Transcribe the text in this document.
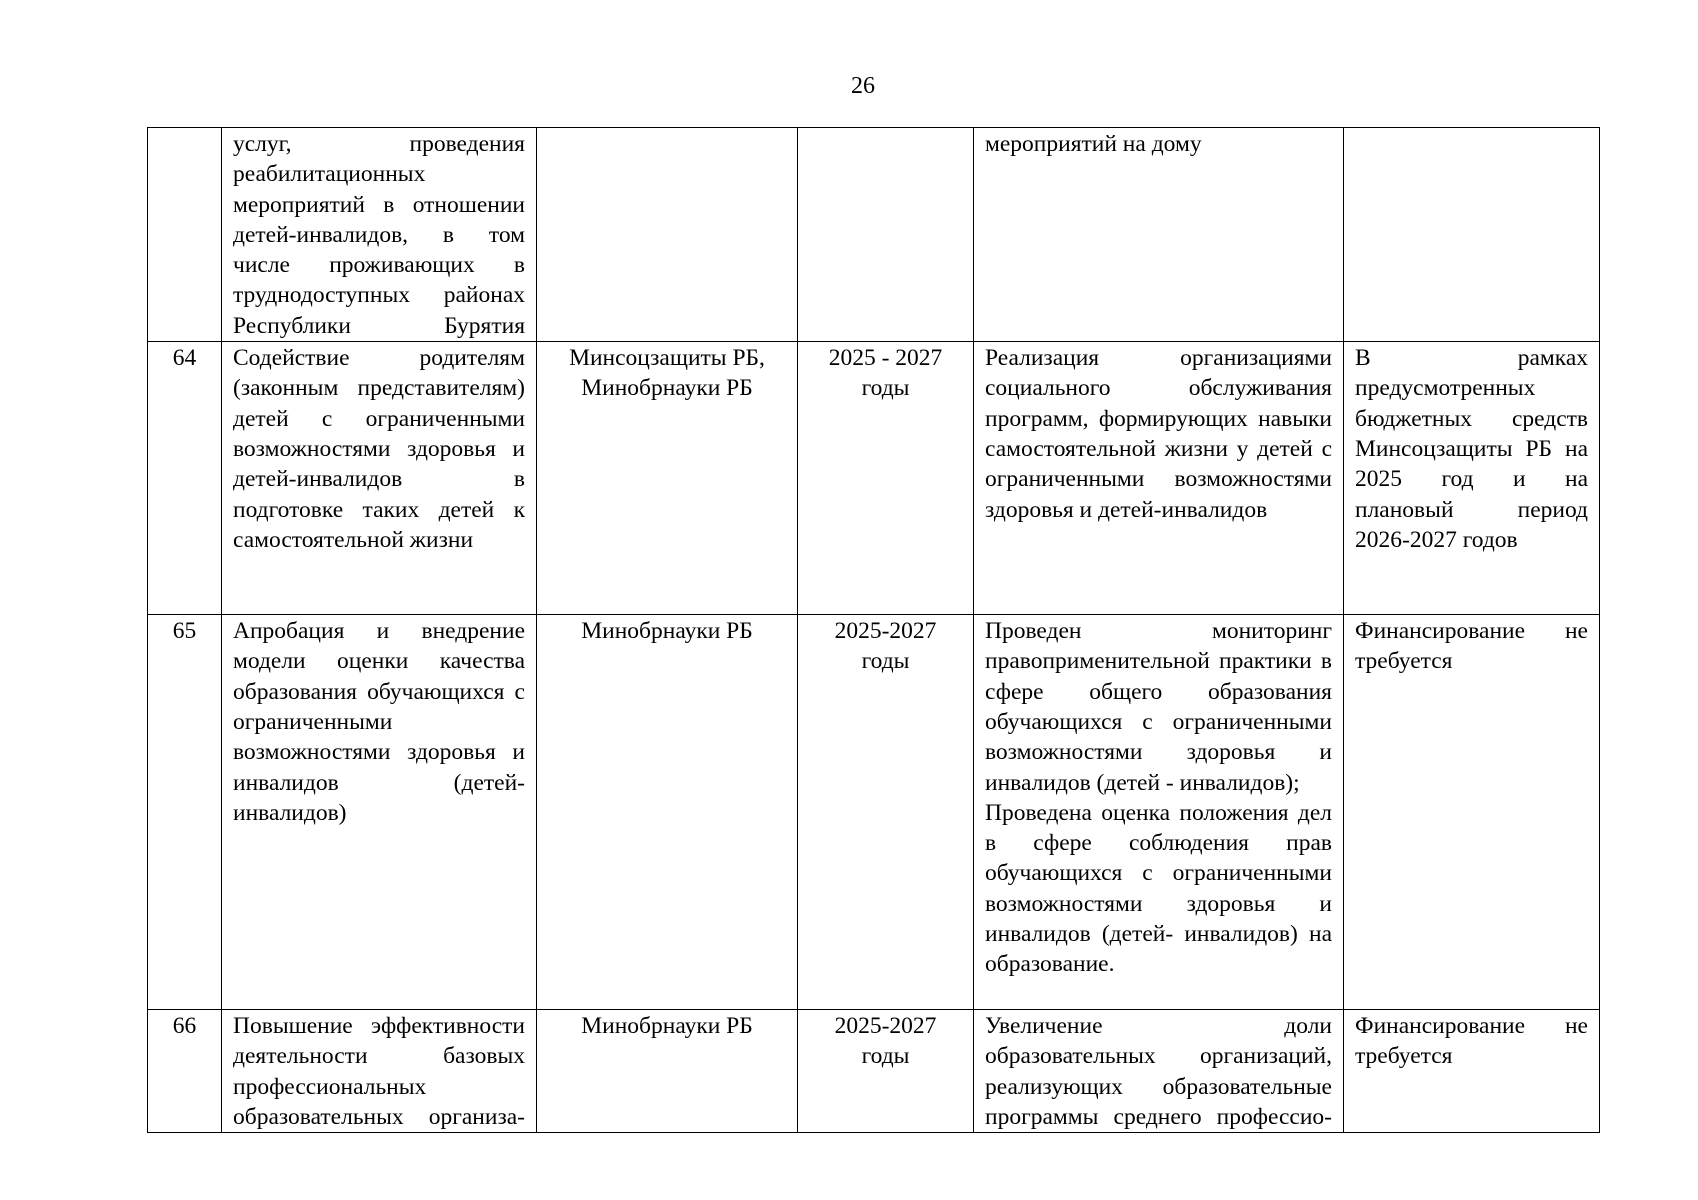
26

	услуг, проведения реабилитационных мероприятий в отношении детей-инвалидов, в том числе проживающих в труднодоступных районах Республики Бурятия			мероприятий на дому	
64	Содействие родителям (законным представителям) детей с ограниченными возможностями здоровья и детей-инвалидов в подготовке таких детей к самостоятельной жизни	Минсоцзащиты РБ, Минобрнауки РБ	2025 - 2027 годы	Реализация организациями социального обслуживания программ, формирующих навыки самостоятельной жизни у детей с ограниченными возможностями здоровья и детей-инвалидов	В рамках предусмотренных бюджетных средств Минсоцзащиты РБ на 2025 год и на плановый период 2026-2027 годов
65	Апробация и внедрение модели оценки качества образования обучающихся с ограниченными возможностями здоровья и инвалидов (детей-инвалидов)	Минобрнауки РБ	2025-2027 годы	Проведен мониторинг правоприменительной практики в сфере общего образования обучающихся с ограниченными возможностями здоровья и инвалидов (детей - инвалидов);
Проведена оценка положения дел в сфере соблюдения прав обучающихся с ограниченными возможностями здоровья и инвалидов (детей- инвалидов) на образование.	Финансирование не требуется
66	Повышение эффективности деятельности базовых профессиональных образовательных организа-	Минобрнауки РБ	2025-2027 годы	Увеличение доли образовательных организаций, реализующих образовательные программы среднего профессио-	Финансирование не требуется
